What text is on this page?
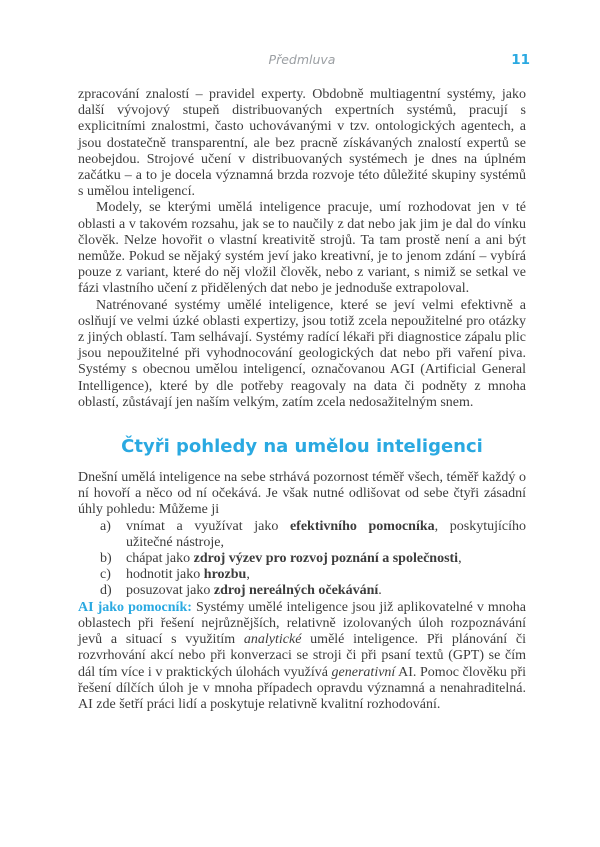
Předmluva	11

zpracování znalostí – pravidel experty. Obdobně multiagentní systémy, jako další vývojový stupeň distribuovaných expertních systémů, pracují s explicitními znalostmi, často uchovávanými v tzv. ontologických agentech, a jsou dostatečně transparentní, ale bez pracně získávaných znalostí expertů se neobejdou. Strojové učení v distribuovaných systémech je dnes na úplném začátku – a to je docela významná brzda rozvoje této důležité skupiny systémů s umělou inteligencí.

Modely, se kterými umělá inteligence pracuje, umí rozhodovat jen v té oblasti a v takovém rozsahu, jak se to naučily z dat nebo jak jim je dal do vínku člověk. Nelze hovořit o vlastní kreativitě strojů. Ta tam prostě není a ani být nemůže. Pokud se nějaký systém jeví jako kreativní, je to jenom zdání – vybírá pouze z variant, které do něj vložil člověk, nebo z variant, s nimiž se setkal ve fázi vlastního učení z přidělených dat nebo je jednoduše extrapoloval.

Natrénované systémy umělé inteligence, které se jeví velmi efektivně a oslňují ve velmi úzké oblasti expertizy, jsou totiž zcela nepoužitelné pro otázky z jiných oblastí. Tam selhávají. Systémy radící lékaři při diagnostice zápalu plic jsou nepoužitelné při vyhodnocování geologických dat nebo při vaření piva. Systémy s obecnou umělou inteligencí, označovanou AGI (Artificial General Intelligence), které by dle potřeby reagovaly na data či podněty z mnoha oblastí, zůstávají jen naším velkým, zatím zcela nedosažitelným snem.

Čtyři pohledy na umělou inteligenci

Dnešní umělá inteligence na sebe strhává pozornost téměř všech, téměř každý o ní hovoří a něco od ní očekává. Je však nutné odlišovat od sebe čtyři zásadní úhly pohledu: Můžeme ji

a)	vnímat a využívat jako efektivního pomocníka, poskytujícího užitečné nástroje,
b)	chápat jako zdroj výzev pro rozvoj poznání a společnosti,
c)	hodnotit jako hrozbu,
d)	posuzovat jako zdroj nereálných očekávání.

AI jako pomocník: Systémy umělé inteligence jsou již aplikovatelné v mnoha oblastech při řešení nejrůznějších, relativně izolovaných úloh rozpoznávání jevů a situací s využitím analytické umělé inteligence. Při plánování či rozvrhování akcí nebo při konverzaci se stroji či při psaní textů (GPT) se čím dál tím více i v praktických úlohách využívá generativní AI. Pomoc člověku při řešení dílčích úloh je v mnoha případech opravdu významná a nenahraditelná. AI zde šetří práci lidí a poskytuje relativně kvalitní rozhodování.
